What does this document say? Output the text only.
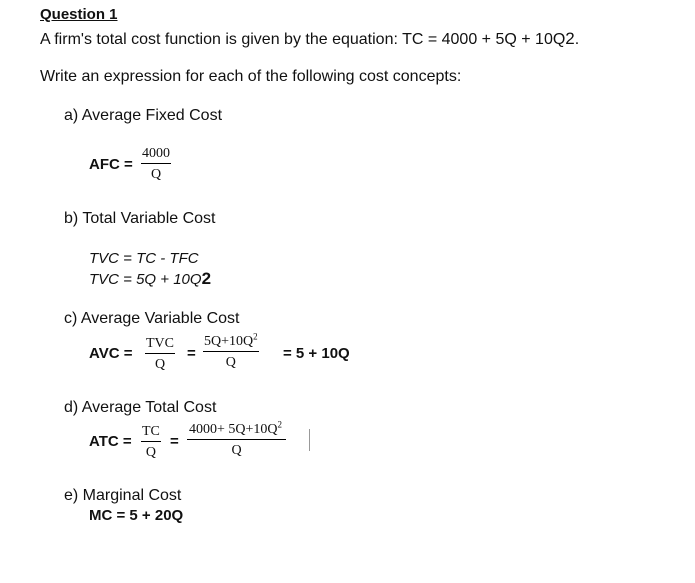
Question 1
A firm's total cost function is given by the equation: TC = 4000 + 5Q + 10Q2.
Write an expression for each of the following cost concepts:
a) Average Fixed Cost
AFC = $\frac{4000}{Q}$
b) Total Variable Cost
TVC = TC - TFC
TVC = 5Q + 10Q2
c) Average Variable Cost
AVC =
TVC
Q
= $\frac{5Q+10Q^2}{Q} = 5 + 10Q$
d) Average Total Cost
ATC = $\frac{TC}{Q} = \frac{4000+ 5Q+10Q^2}{Q}$
e) Marginal Cost
MC = 5 + 20Q
